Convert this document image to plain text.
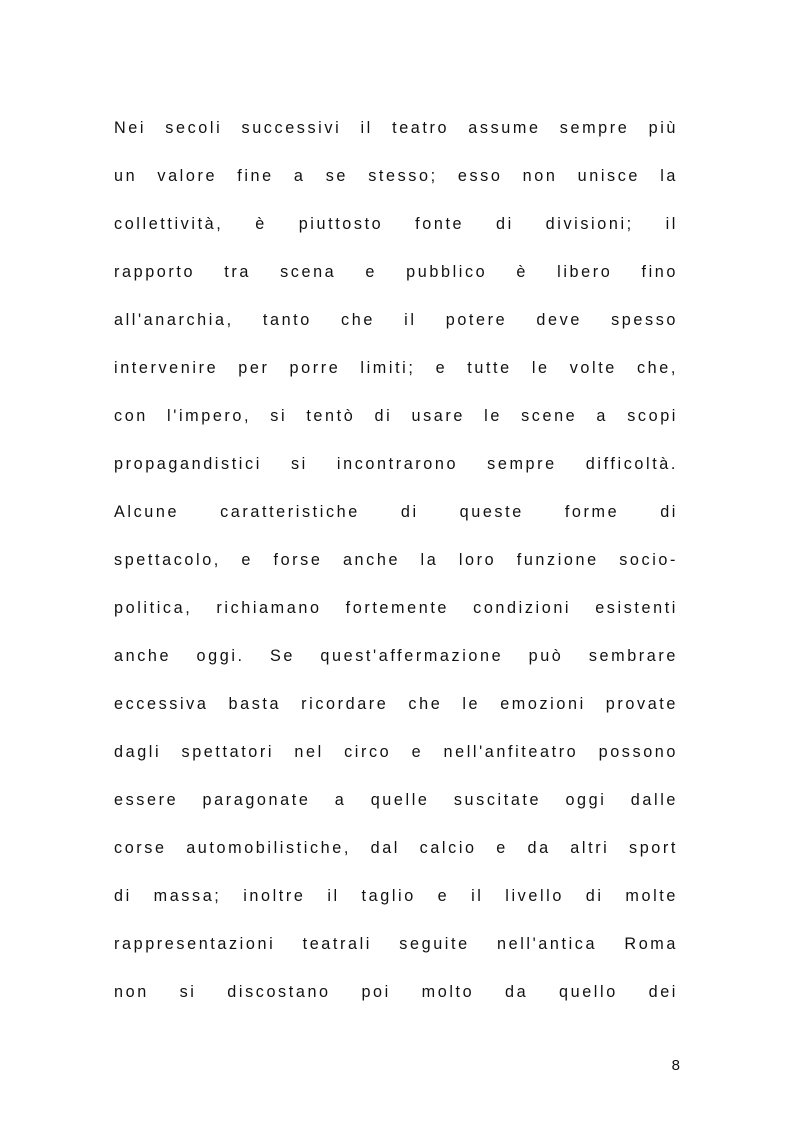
Nei secoli successivi il teatro assume sempre più
un valore fine a se stesso; esso non unisce la
collettività, è piuttosto fonte di divisioni; il
rapporto tra scena e pubblico è libero fino
all'anarchia, tanto che il potere deve spesso
intervenire per porre limiti; e tutte le volte che,
con l'impero, si tentò di usare le scene a scopi
propagandistici si incontrarono sempre difficoltà.
Alcune caratteristiche di queste forme di
spettacolo, e forse anche la loro funzione socio-
politica, richiamano fortemente condizioni esistenti
anche oggi. Se quest'affermazione può sembrare
eccessiva basta ricordare che le emozioni provate
dagli spettatori nel circo e nell'anfiteatro possono
essere paragonate a quelle suscitate oggi dalle
corse automobilistiche, dal calcio e da altri sport
di massa; inoltre il taglio e il livello di molte
rappresentazioni teatrali seguite nell'antica Roma
non si discostano poi molto da quello dei
8
